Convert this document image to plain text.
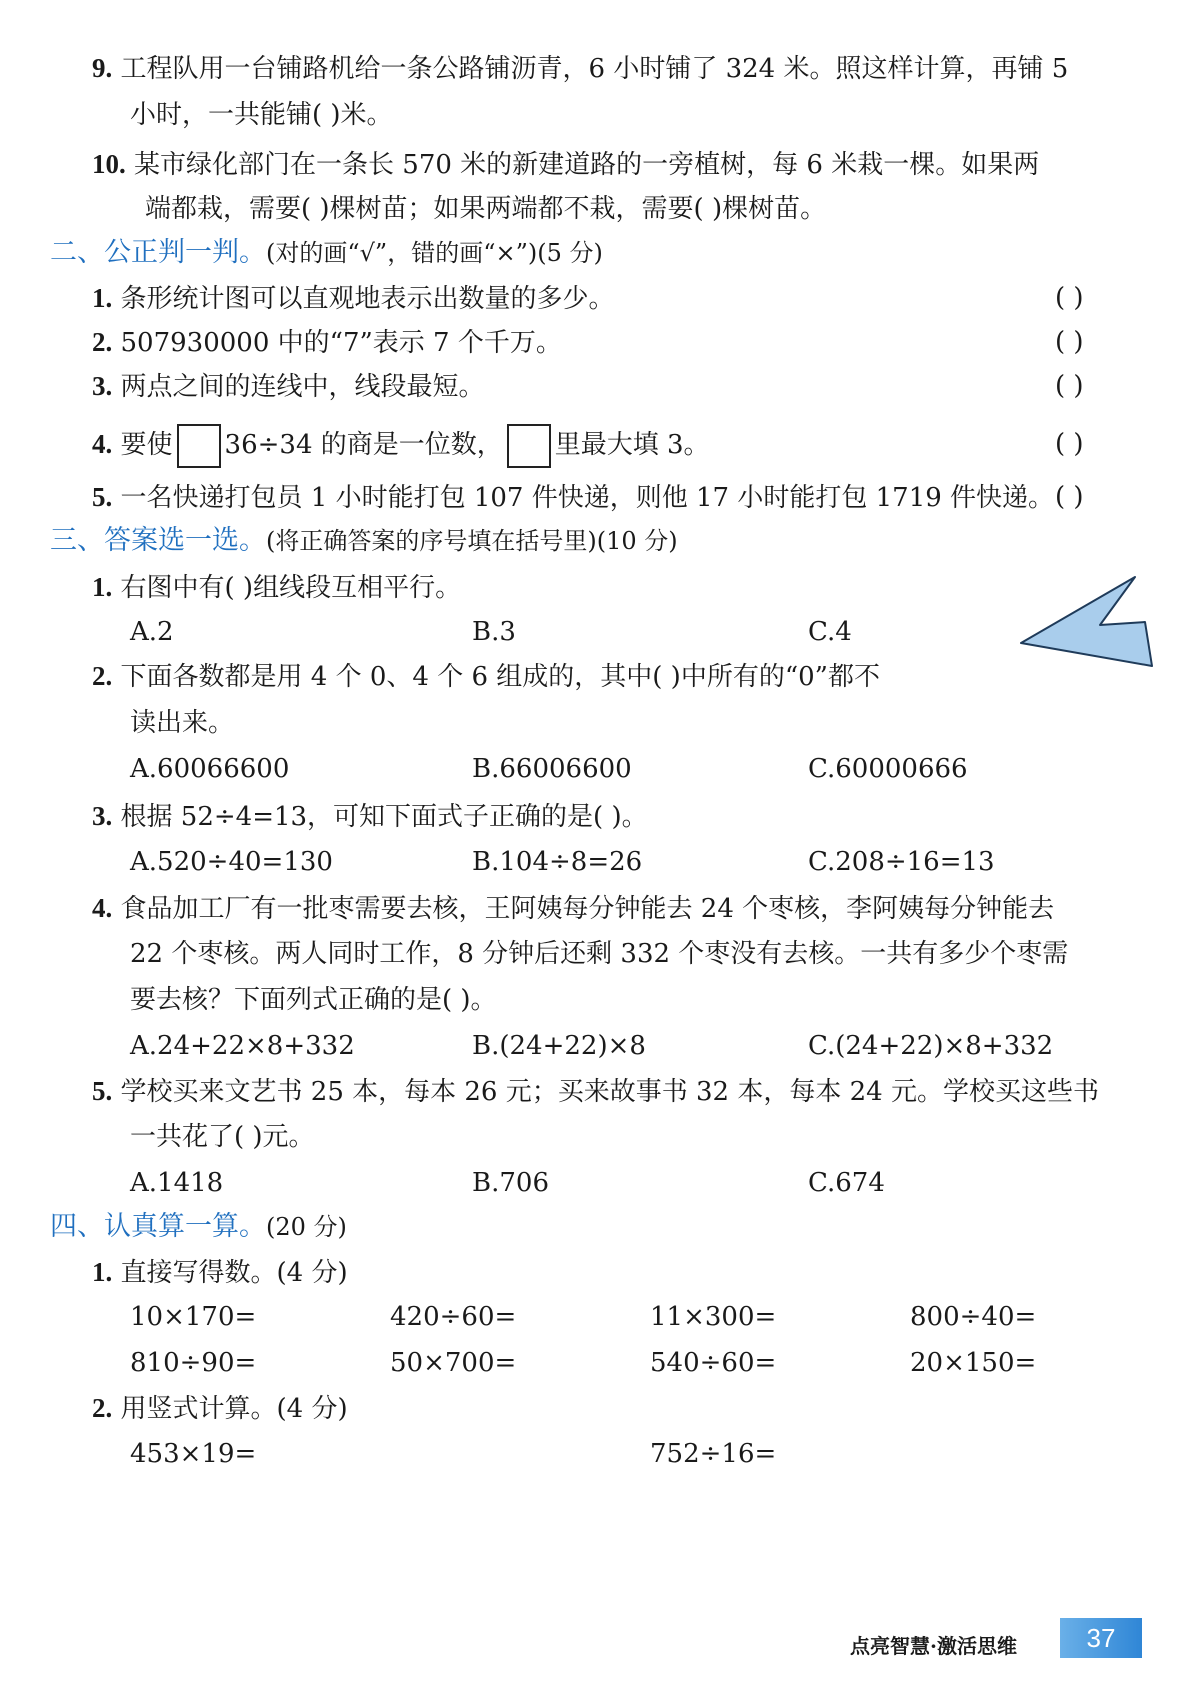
9. 工程队用一台铺路机给一条公路铺沥青，6 小时铺了 324 米。照这样计算，再铺 5
小时，一共能铺( )米。
10. 某市绿化部门在一条长 570 米的新建道路的一旁植树，每 6 米栽一棵。如果两
端都栽，需要( )棵树苗；如果两端都不栽，需要( )棵树苗。
二、公正判一判。(对的画“√”，错的画“×”)(5 分)
1. 条形统计图可以直观地表示出数量的多少。	( )
2. 507930000 中的“7”表示 7 个千万。	( )
3. 两点之间的连线中，线段最短。	( )
4. 要使 36÷34 的商是一位数， 里最大填 3。	( )
5. 一名快递打包员 1 小时能打包 107 件快递，则他 17 小时能打包 1719 件快递。 ( )
三、答案选一选。(将正确答案的序号填在括号里)(10 分)
1. 右图中有( )组线段互相平行。
A.2	B.3	C.4
2. 下面各数都是用 4 个 0、4 个 6 组成的，其中( )中所有的“0”都不
读出来。
A.60066600	B.66006600	C.60000666
3. 根据 52÷4=13，可知下面式子正确的是( )。
A.520÷40=130	B.104÷8=26	C.208÷16=13
4. 食品加工厂有一批枣需要去核，王阿姨每分钟能去 24 个枣核，李阿姨每分钟能去
22 个枣核。两人同时工作，8 分钟后还剩 332 个枣没有去核。一共有多少个枣需
要去核？下面列式正确的是( )。
A.24+22×8+332	B.(24+22)×8	C.(24+22)×8+332
5. 学校买来文艺书 25 本，每本 26 元；买来故事书 32 本，每本 24 元。学校买这些书
一共花了( )元。
A.1418	B.706	C.674
四、认真算一算。(20 分)
1. 直接写得数。(4 分)
10×170=	420÷60=	11×300=	800÷40=
810÷90=	50×700=	540÷60=	20×150=
2. 用竖式计算。(4 分)
453×19=	752÷16=
点亮智慧·激活思维	37
